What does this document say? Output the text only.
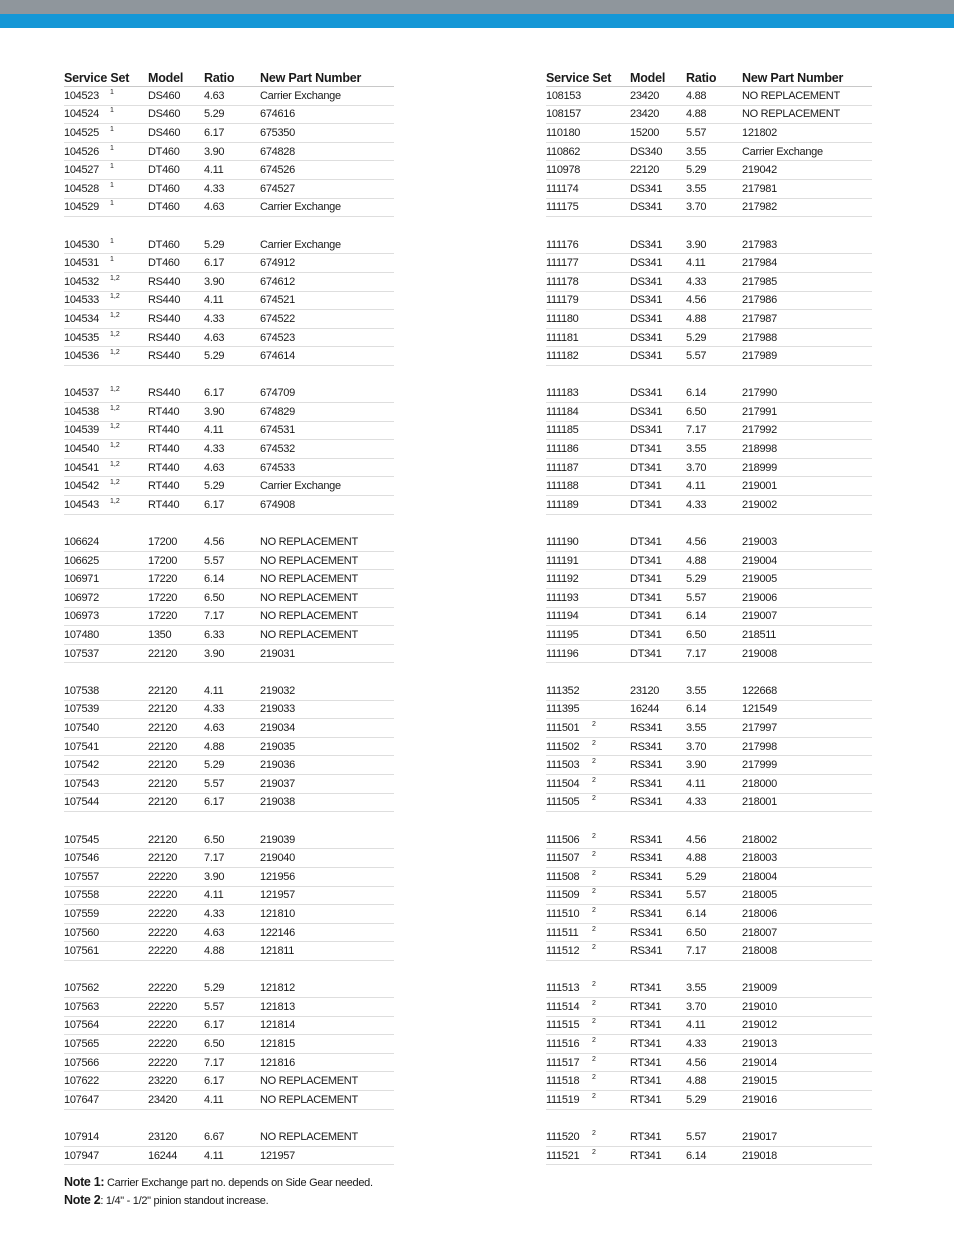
Service Set	Model	Ratio	New Part Number
104523 1	DS460	4.63	Carrier Exchange
104524 1	DS460	5.29	674616
104525 1	DS460	6.17	675350
104526 1	DT460	3.90	674828
104527 1	DT460	4.11	674526
104528 1	DT460	4.33	674527
104529 1	DT460	4.63	Carrier Exchange
104530 1	DT460	5.29	Carrier Exchange
104531 1	DT460	6.17	674912
104532 1,2	RS440	3.90	674612
104533 1,2	RS440	4.11	674521
104534 1,2	RS440	4.33	674522
104535 1,2	RS440	4.63	674523
104536 1,2	RS440	5.29	674614
104537 1,2	RS440	6.17	674709
104538 1,2	RT440	3.90	674829
104539 1,2	RT440	4.11	674531
104540 1,2	RT440	4.33	674532
104541 1,2	RT440	4.63	674533
104542 1,2	RT440	5.29	Carrier Exchange
104543 1,2	RT440	6.17	674908
106624	17200	4.56	NO REPLACEMENT
106625	17200	5.57	NO REPLACEMENT
106971	17220	6.14	NO REPLACEMENT
106972	17220	6.50	NO REPLACEMENT
106973	17220	7.17	NO REPLACEMENT
107480	1350	6.33	NO REPLACEMENT
107537	22120	3.90	219031
107538	22120	4.11	219032
107539	22120	4.33	219033
107540	22120	4.63	219034
107541	22120	4.88	219035
107542	22120	5.29	219036
107543	22120	5.57	219037
107544	22120	6.17	219038
107545	22120	6.50	219039
107546	22120	7.17	219040
107557	22220	3.90	121956
107558	22220	4.11	121957
107559	22220	4.33	121810
107560	22220	4.63	122146
107561	22220	4.88	121811
107562	22220	5.29	121812
107563	22220	5.57	121813
107564	22220	6.17	121814
107565	22220	6.50	121815
107566	22220	7.17	121816
107622	23220	6.17	NO REPLACEMENT
107647	23420	4.11	NO REPLACEMENT
107914	23120	6.67	NO REPLACEMENT
107947	16244	4.11	121957
Service Set	Model	Ratio	New Part Number
108153	23420	4.88	NO REPLACEMENT
108157	23420	4.88	NO REPLACEMENT
110180	15200	5.57	121802
110862	DS340	3.55	Carrier Exchange
110978	22120	5.29	219042
111174	DS341	3.55	217981
111175	DS341	3.70	217982
111176	DS341	3.90	217983
111177	DS341	4.11	217984
111178	DS341	4.33	217985
111179	DS341	4.56	217986
111180	DS341	4.88	217987
111181	DS341	5.29	217988
111182	DS341	5.57	217989
111183	DS341	6.14	217990
111184	DS341	6.50	217991
111185	DS341	7.17	217992
111186	DT341	3.55	218998
111187	DT341	3.70	218999
111188	DT341	4.11	219001
111189	DT341	4.33	219002
111190	DT341	4.56	219003
111191	DT341	4.88	219004
111192	DT341	5.29	219005
111193	DT341	5.57	219006
111194	DT341	6.14	219007
111195	DT341	6.50	218511
111196	DT341	7.17	219008
111352	23120	3.55	122668
111395	16244	6.14	121549
111501 2	RS341	3.55	217997
111502 2	RS341	3.70	217998
111503 2	RS341	3.90	217999
111504 2	RS341	4.11	218000
111505 2	RS341	4.33	218001
111506 2	RS341	4.56	218002
111507 2	RS341	4.88	218003
111508 2	RS341	5.29	218004
111509 2	RS341	5.57	218005
111510 2	RS341	6.14	218006
111511 2	RS341	6.50	218007
111512 2	RS341	7.17	218008
111513 2	RT341	3.55	219009
111514 2	RT341	3.70	219010
111515 2	RT341	4.11	219012
111516 2	RT341	4.33	219013
111517 2	RT341	4.56	219014
111518 2	RT341	4.88	219015
111519 2	RT341	5.29	219016
111520 2	RT341	5.57	219017
111521 2	RT341	6.14	219018
Note 1: Carrier Exchange part no. depends on Side Gear needed.
Note 2: 1/4" - 1/2" pinion standout increase.
